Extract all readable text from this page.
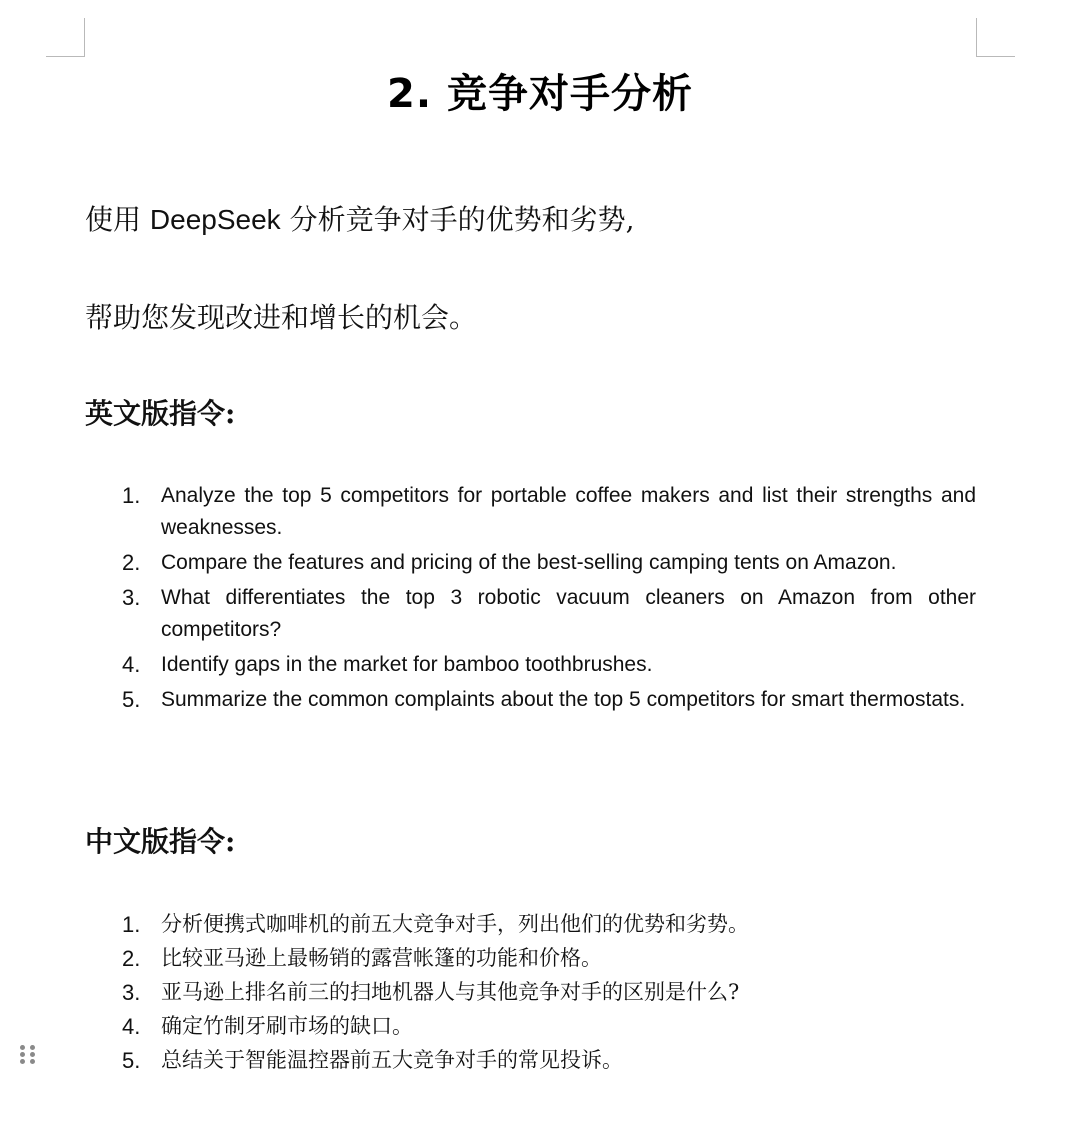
2. 竞争对手分析
使用 DeepSeek 分析竞争对手的优势和劣势,
帮助您发现改进和增长的机会。
英文版指令:
1. Analyze the top 5 competitors for portable coffee makers and list their strengths and weaknesses.
2. Compare the features and pricing of the best-selling camping tents on Amazon.
3. What differentiates the top 3 robotic vacuum cleaners on Amazon from other competitors?
4. Identify gaps in the market for bamboo toothbrushes.
5. Summarize the common complaints about the top 5 competitors for smart thermostats.
中文版指令:
1. 分析便携式咖啡机的前五大竞争对手，列出他们的优势和劣势。
2. 比较亚马逊上最畅销的露营帐篷的功能和价格。
3. 亚马逊上排名前三的扫地机器人与其他竞争对手的区别是什么?
4. 确定竹制牙刷市场的缺口。
5. 总结关于智能温控器前五大竞争对手的常见投诉。
